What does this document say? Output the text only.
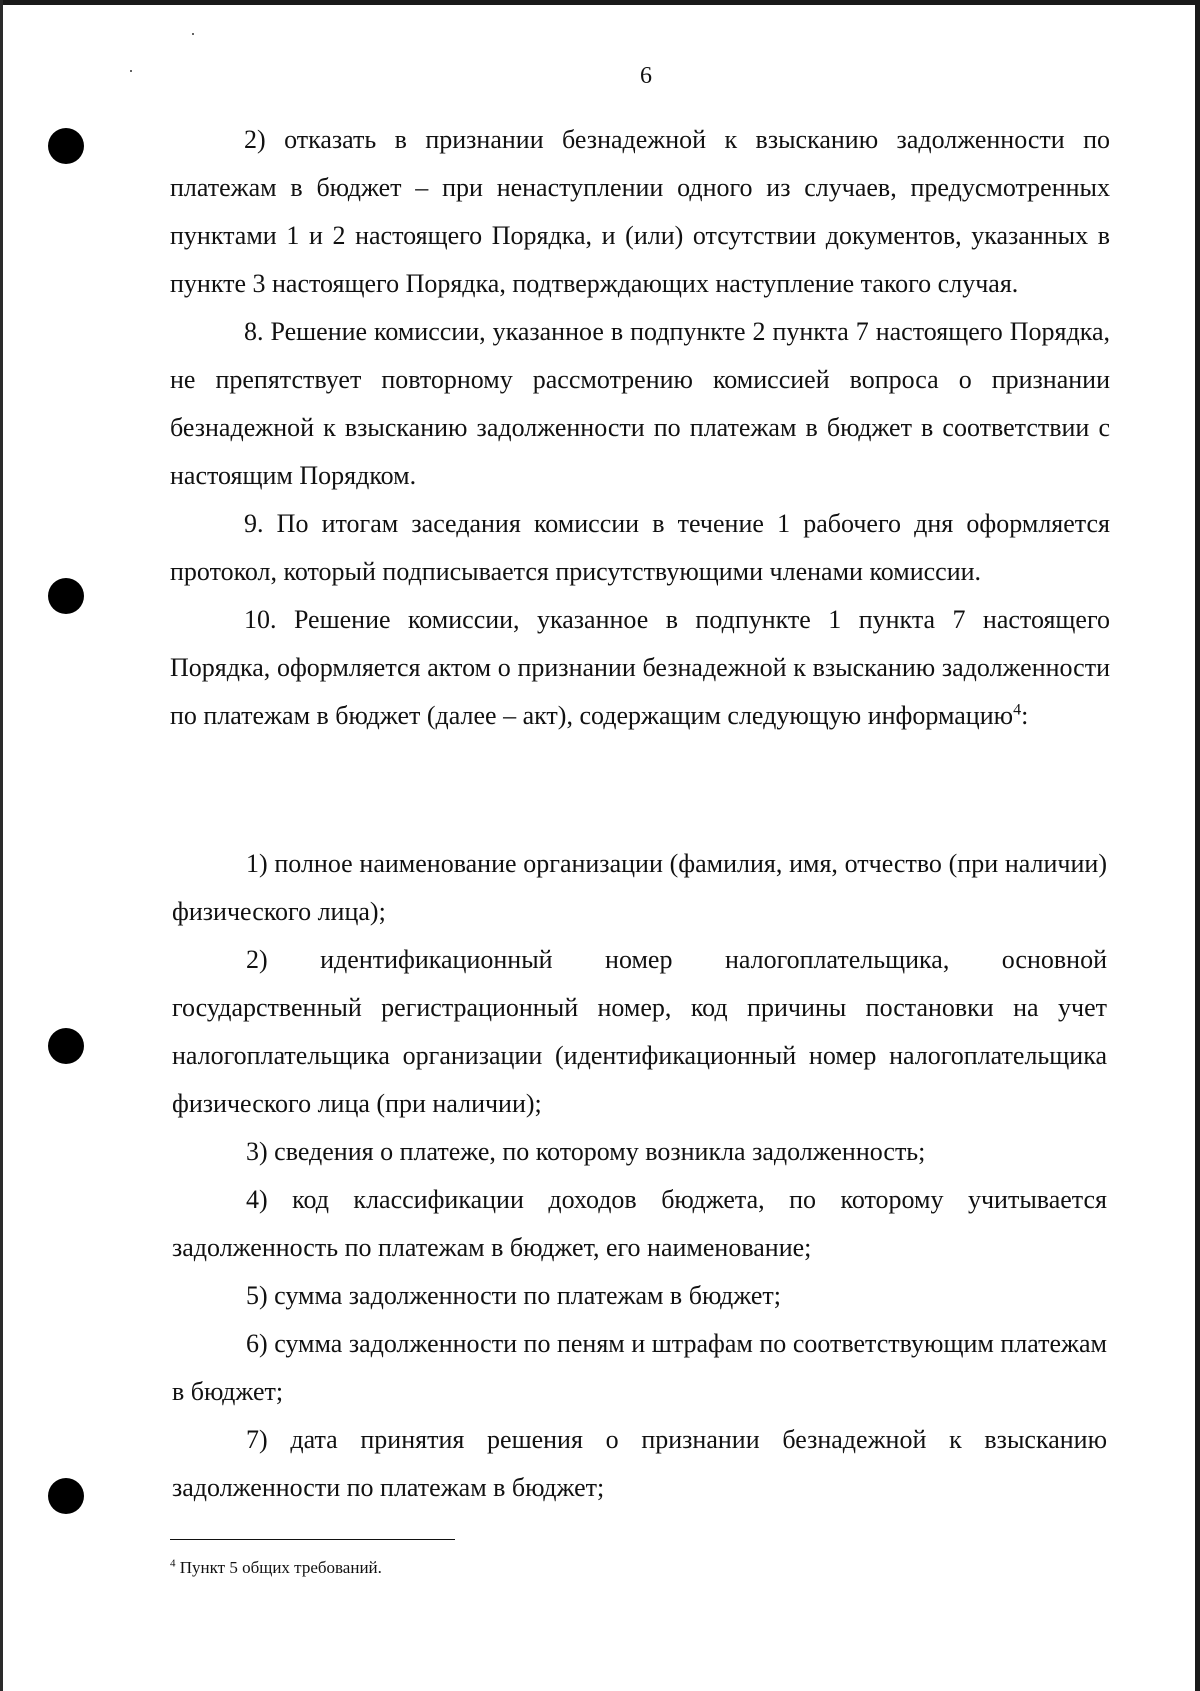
6

2) отказать в признании безнадежной к взысканию задолженности по платежам в бюджет – при ненаступлении одного из случаев, предусмотренных пунктами 1 и 2 настоящего Порядка, и (или) отсутствии документов, указанных в пункте 3 настоящего Порядка, подтверждающих наступление такого случая.

8. Решение комиссии, указанное в подпункте 2 пункта 7 настоящего Порядка, не препятствует повторному рассмотрению комиссией вопроса о признании безнадежной к взысканию задолженности по платежам в бюджет в соответствии с настоящим Порядком.

9. По итогам заседания комиссии в течение 1 рабочего дня оформляется протокол, который подписывается присутствующими членами комиссии.

10. Решение комиссии, указанное в подпункте 1 пункта 7 настоящего Порядка, оформляется актом о признании безнадежной к взысканию задолженности по платежам в бюджет (далее – акт), содержащим следующую информацию$^4$:

1) полное наименование организации (фамилия, имя, отчество (при наличии) физического лица);

2) идентификационный номер налогоплательщика, основной государственный регистрационный номер, код причины постановки на учет налогоплательщика организации (идентификационный номер налогоплательщика физического лица (при наличии);

3) сведения о платеже, по которому возникла задолженность;

4) код классификации доходов бюджета, по которому учитывается задолженность по платежам в бюджет, его наименование;

5) сумма задолженности по платежам в бюджет;

6) сумма задолженности по пеням и штрафам по соответствующим платежам в бюджет;

7) дата принятия решения о признании безнадежной к взысканию задолженности по платежам в бюджет;

$^4$ Пункт 5 общих требований.
